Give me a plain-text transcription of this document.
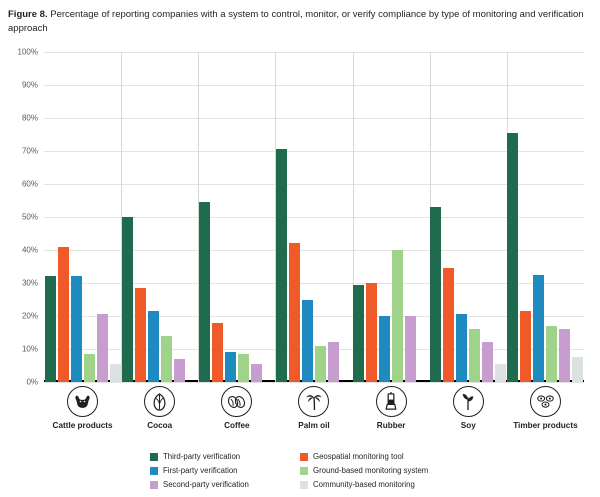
Figure 8. Percentage of reporting companies with a system to control, monitor, or verify compliance by type of monitoring and verification approach
0%
10%
20%
30%
40%
50%
60%
70%
80%
90%
100%
Cattle products	Cocoa	Coffee	Palm oil	Rubber	Soy	Timber products
Third-party verification	Geospatial monitoring tool
First-party verification	Ground-based monitoring system
Second-party verification	Community-based monitoring
